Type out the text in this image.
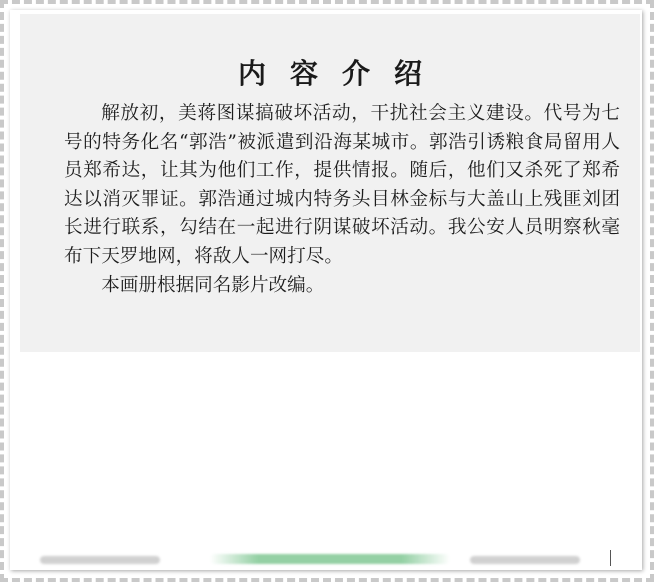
内容介绍

解放初，美蒋图谋搞破坏活动，干扰社会主义建设。代号为七号的特务化名“郭浩”被派遣到沿海某城市。郭浩引诱粮食局留用人员郑希达，让其为他们工作，提供情报。随后，他们又杀死了郑希达以消灭罪证。郭浩通过城内特务头目林金标与大盖山上残匪刘团长进行联系，勾结在一起进行阴谋破坏活动。我公安人员明察秋毫布下天罗地网，将敌人一网打尽。

本画册根据同名影片改编。
